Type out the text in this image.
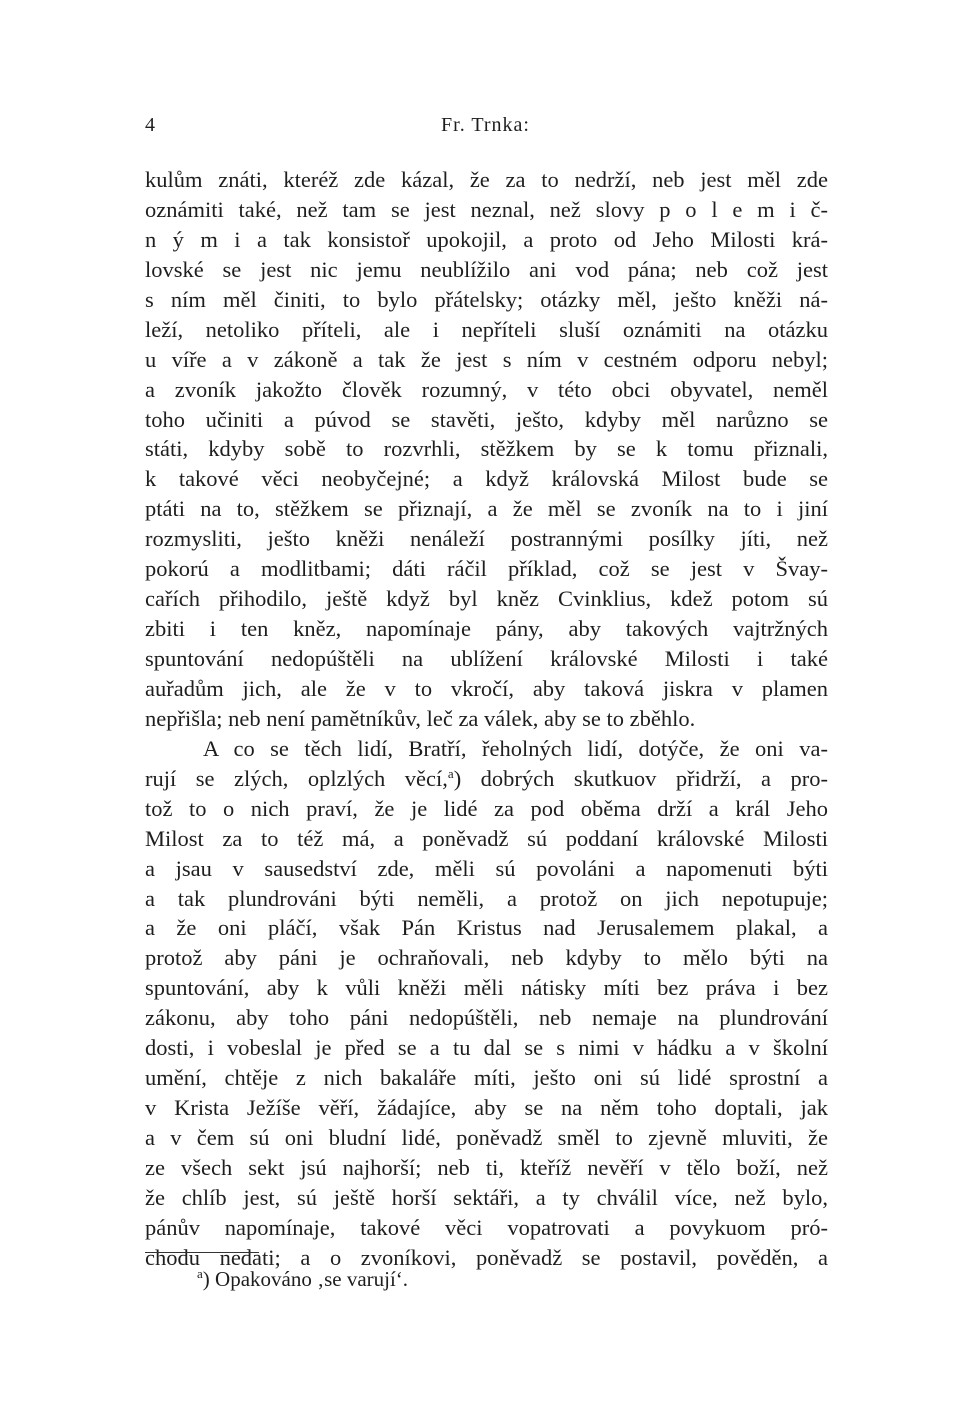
4	Fr. Trnka:
kulům znáti, kteréž zde kázal, že za to nedrží, neb jest měl zde
oznámiti také, než tam se jest neznal, než slovy p o l e m i č-
n ý m i a tak konsistoř upokojil, a proto od Jeho Milosti krá-
lovské se jest nic jemu neublížilo ani vod pána; neb což jest
s ním měl činiti, to bylo přátelsky; otázky měl, ješto kněži ná-
leží, netoliko příteli, ale i nepříteli sluší oznámiti na otázku
u víře a v zákoně a tak že jest s ním v cestném odporu nebyl;
a zvoník jakožto člověk rozumný, v této obci obyvatel, neměl
toho učiniti a púvod se stavěti, ješto, kdyby měl narůzno se
státi, kdyby sobě to rozvrhli, stěžkem by se k tomu přiznali,
k takové věci neobyčejné; a když královská Milost bude se
ptáti na to, stěžkem se přiznají, a že měl se zvoník na to i jiní
rozmysliti, ješto kněži nenáleží postrannými posílky jíti, než
pokorú a modlitbami; dáti ráčil příklad, což se jest v Švay-
cařích přihodilo, ještě když byl kněz Cvinklius, kdež potom sú
zbiti i ten kněz, napomínaje pány, aby takových vajtržných
spuntování nedopúštěli na ublížení královské Milosti i také
auřadům jich, ale že v to vkročí, aby taková jiskra v plamen
nepřišla; neb není pamětníkův, leč za válek, aby se to zběhlo.
A co se těch lidí, Bratří, řeholných lidí, dotýče, že oni va-
rují se zlých, oplzlých věcí,$^a$) dobrých skutkuov přidrží, a pro-
tož to o nich praví, že je lidé za pod oběma drží a král Jeho
Milost za to též má, a poněvadž sú poddaní královské Milosti
a jsau v sausedství zde, měli sú povoláni a napomenuti býti
a tak plundrováni býti neměli, a protož on jich nepotupuje;
a že oni pláčí, však Pán Kristus nad Jerusalemem plakal, a
protož aby páni je ochraňovali, neb kdyby to mělo býti na
spuntování, aby k vůli kněži měli nátisky míti bez práva i bez
zákonu, aby toho páni nedopúštěli, neb nemaje na plundrování
dosti, i vobeslal je před se a tu dal se s nimi v hádku a v školní
umění, chtěje z nich bakaláře míti, ješto oni sú lidé sprostní a
v Krista Ježíše věří, žádajíce, aby se na něm toho doptali, jak
a v čem sú oni bludní lidé, poněvadž směl to zjevně mluviti, že
ze všech sekt jsú najhorší; neb ti, kteříž nevěří v tělo boží, než
že chlíb jest, sú ještě horší sektáři, a ty chválil více, než bylo,
pánův napomínaje, takové věci vopatrovati a povykuom pró-
chodu nedati; a o zvoníkovi, poněvadž se postavil, pověděn, a
$^a$) Opakováno ‚se varují‘.
